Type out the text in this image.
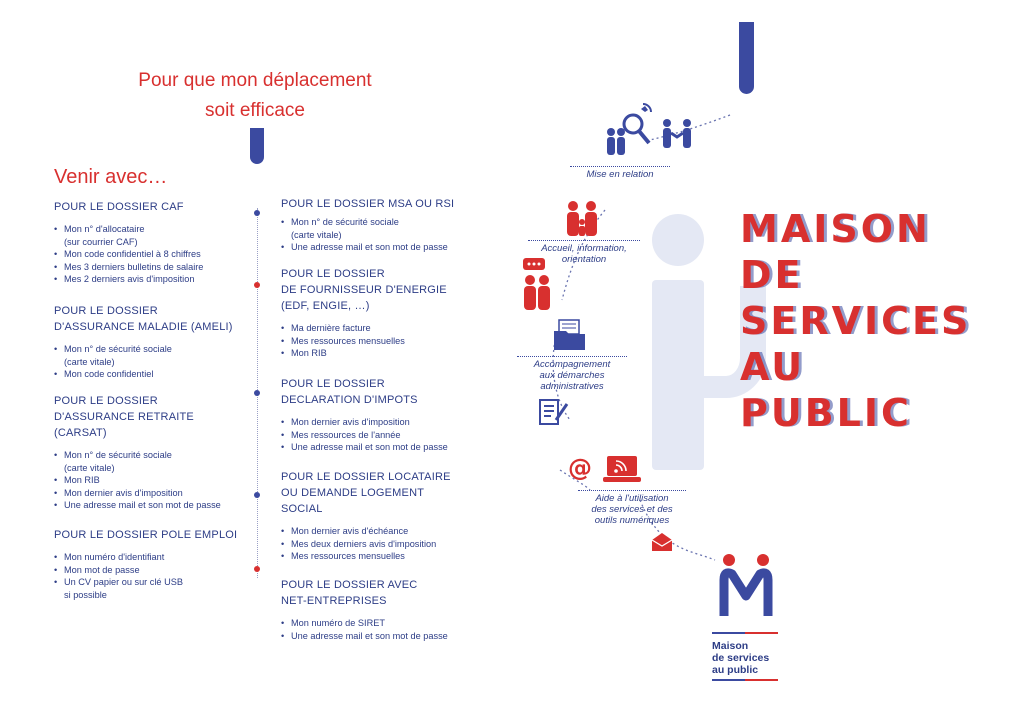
Pour que mon déplacement
soit efficace
Venir avec…
POUR LE DOSSIER CAF
• Mon n° d'allocataire
(sur courrier CAF)
• Mon code confidentiel à 8 chiffres
• Mes 3 derniers bulletins de salaire
• Mes 2 derniers avis d'imposition
POUR LE DOSSIER
D'ASSURANCE MALADIE (AMELI)
• Mon n° de sécurité sociale
(carte vitale)
• Mon code confidentiel
POUR LE DOSSIER
D'ASSURANCE RETRAITE
(CARSAT)
• Mon n° de sécurité sociale
(carte vitale)
• Mon RIB
• Mon dernier avis d'imposition
• Une adresse mail et son mot de passe
POUR LE DOSSIER POLE EMPLOI
• Mon numéro d'identifiant
• Mon mot de passe
• Un CV papier ou sur clé USB
si possible
POUR LE DOSSIER MSA OU RSI
• Mon n° de sécurité sociale
(carte vitale)
• Une adresse mail et son mot de passe
POUR LE DOSSIER
DE FOURNISSEUR D'ENERGIE
(EDF, ENGIE, …)
• Ma dernière facture
• Mes ressources mensuelles
• Mon RIB
POUR LE DOSSIER
DECLARATION D'IMPOTS
• Mon dernier avis d'imposition
• Mes ressources de l'année
• Une adresse mail et son mot de passe
POUR LE DOSSIER LOCATAIRE
OU DEMANDE LOGEMENT
SOCIAL
• Mon dernier avis d'échéance
• Mes deux derniers avis d'imposition
• Mes ressources mensuelles
POUR LE DOSSIER AVEC
NET-ENTREPRISES
• Mon numéro de SIRET
• Une adresse mail et son mot de passe
Mise en relation
Accueil, information,
orientation
Accompagnement
aux démarches
administratives
@
Aide à l'utilisation
des services et des
outils numériques
MAISON
DE
SERVICES
AU
PUBLIC
Maison
de services
au public
